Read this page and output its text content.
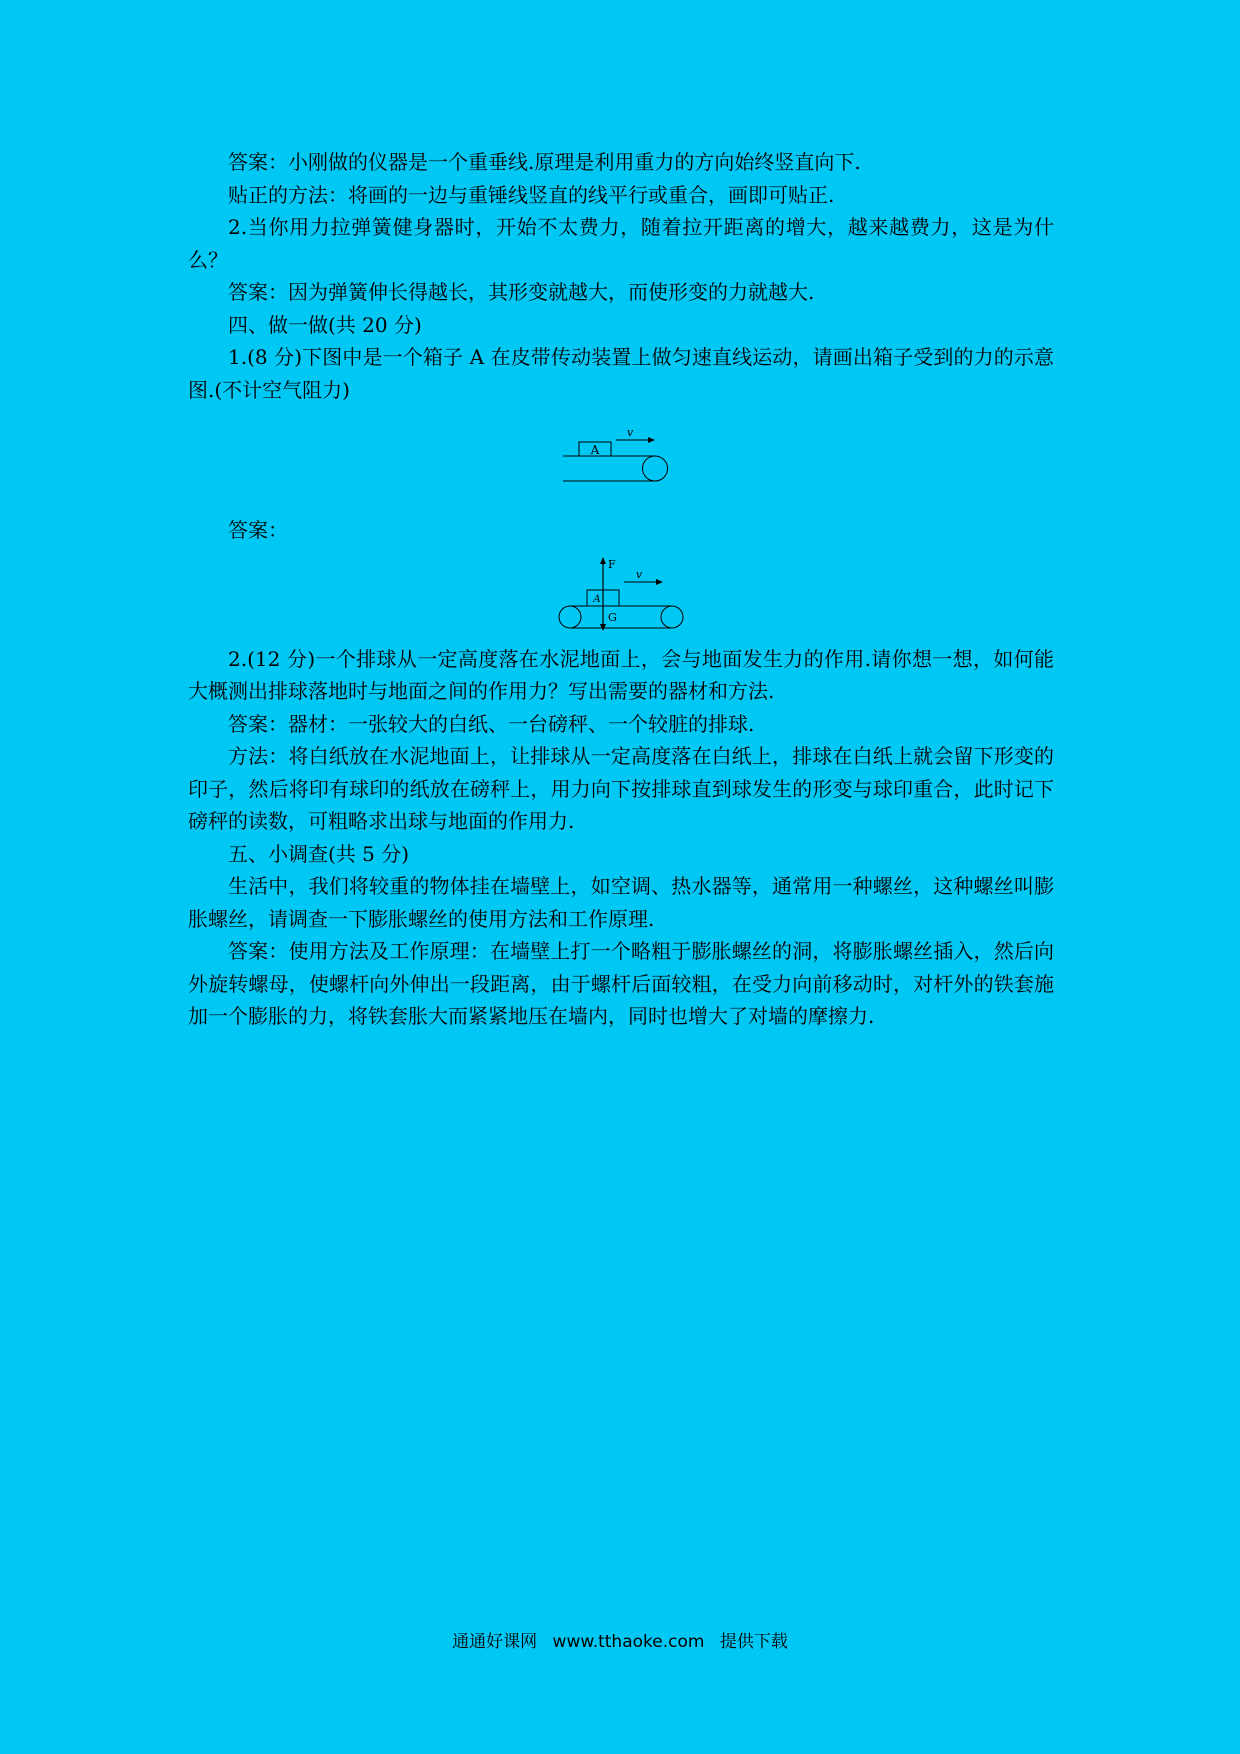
答案：小刚做的仪器是一个重垂线.原理是利用重力的方向始终竖直向下.

贴正的方法：将画的一边与重锤线竖直的线平行或重合，画即可贴正.

2.当你用力拉弹簧健身器时，开始不太费力，随着拉开距离的增大，越来越费力，这是为什么？

答案：因为弹簧伸长得越长，其形变就越大，而使形变的力就越大.

四、做一做(共 20 分)

1.(8 分)下图中是一个箱子 A 在皮带传动装置上做匀速直线运动，请画出箱子受到的力的示意图.(不计空气阻力)

A
v

答案：

A
F
G
v

2.(12 分)一个排球从一定高度落在水泥地面上，会与地面发生力的作用.请你想一想，如何能大概测出排球落地时与地面之间的作用力？写出需要的器材和方法.

答案：器材：一张较大的白纸、一台磅秤、一个较脏的排球.

方法：将白纸放在水泥地面上，让排球从一定高度落在白纸上，排球在白纸上就会留下形变的印子，然后将印有球印的纸放在磅秤上，用力向下按排球直到球发生的形变与球印重合，此时记下磅秤的读数，可粗略求出球与地面的作用力.

五、小调查(共 5 分)

生活中，我们将较重的物体挂在墙壁上，如空调、热水器等，通常用一种螺丝，这种螺丝叫膨胀螺丝，请调查一下膨胀螺丝的使用方法和工作原理.

答案：使用方法及工作原理：在墙壁上打一个略粗于膨胀螺丝的洞，将膨胀螺丝插入，然后向外旋转螺母，使螺杆向外伸出一段距离，由于螺杆后面较粗，在受力向前移动时，对杆外的铁套施加一个膨胀的力，将铁套胀大而紧紧地压在墙内，同时也增大了对墙的摩擦力.

通通好课网 www.tthaoke.com 提供下载
